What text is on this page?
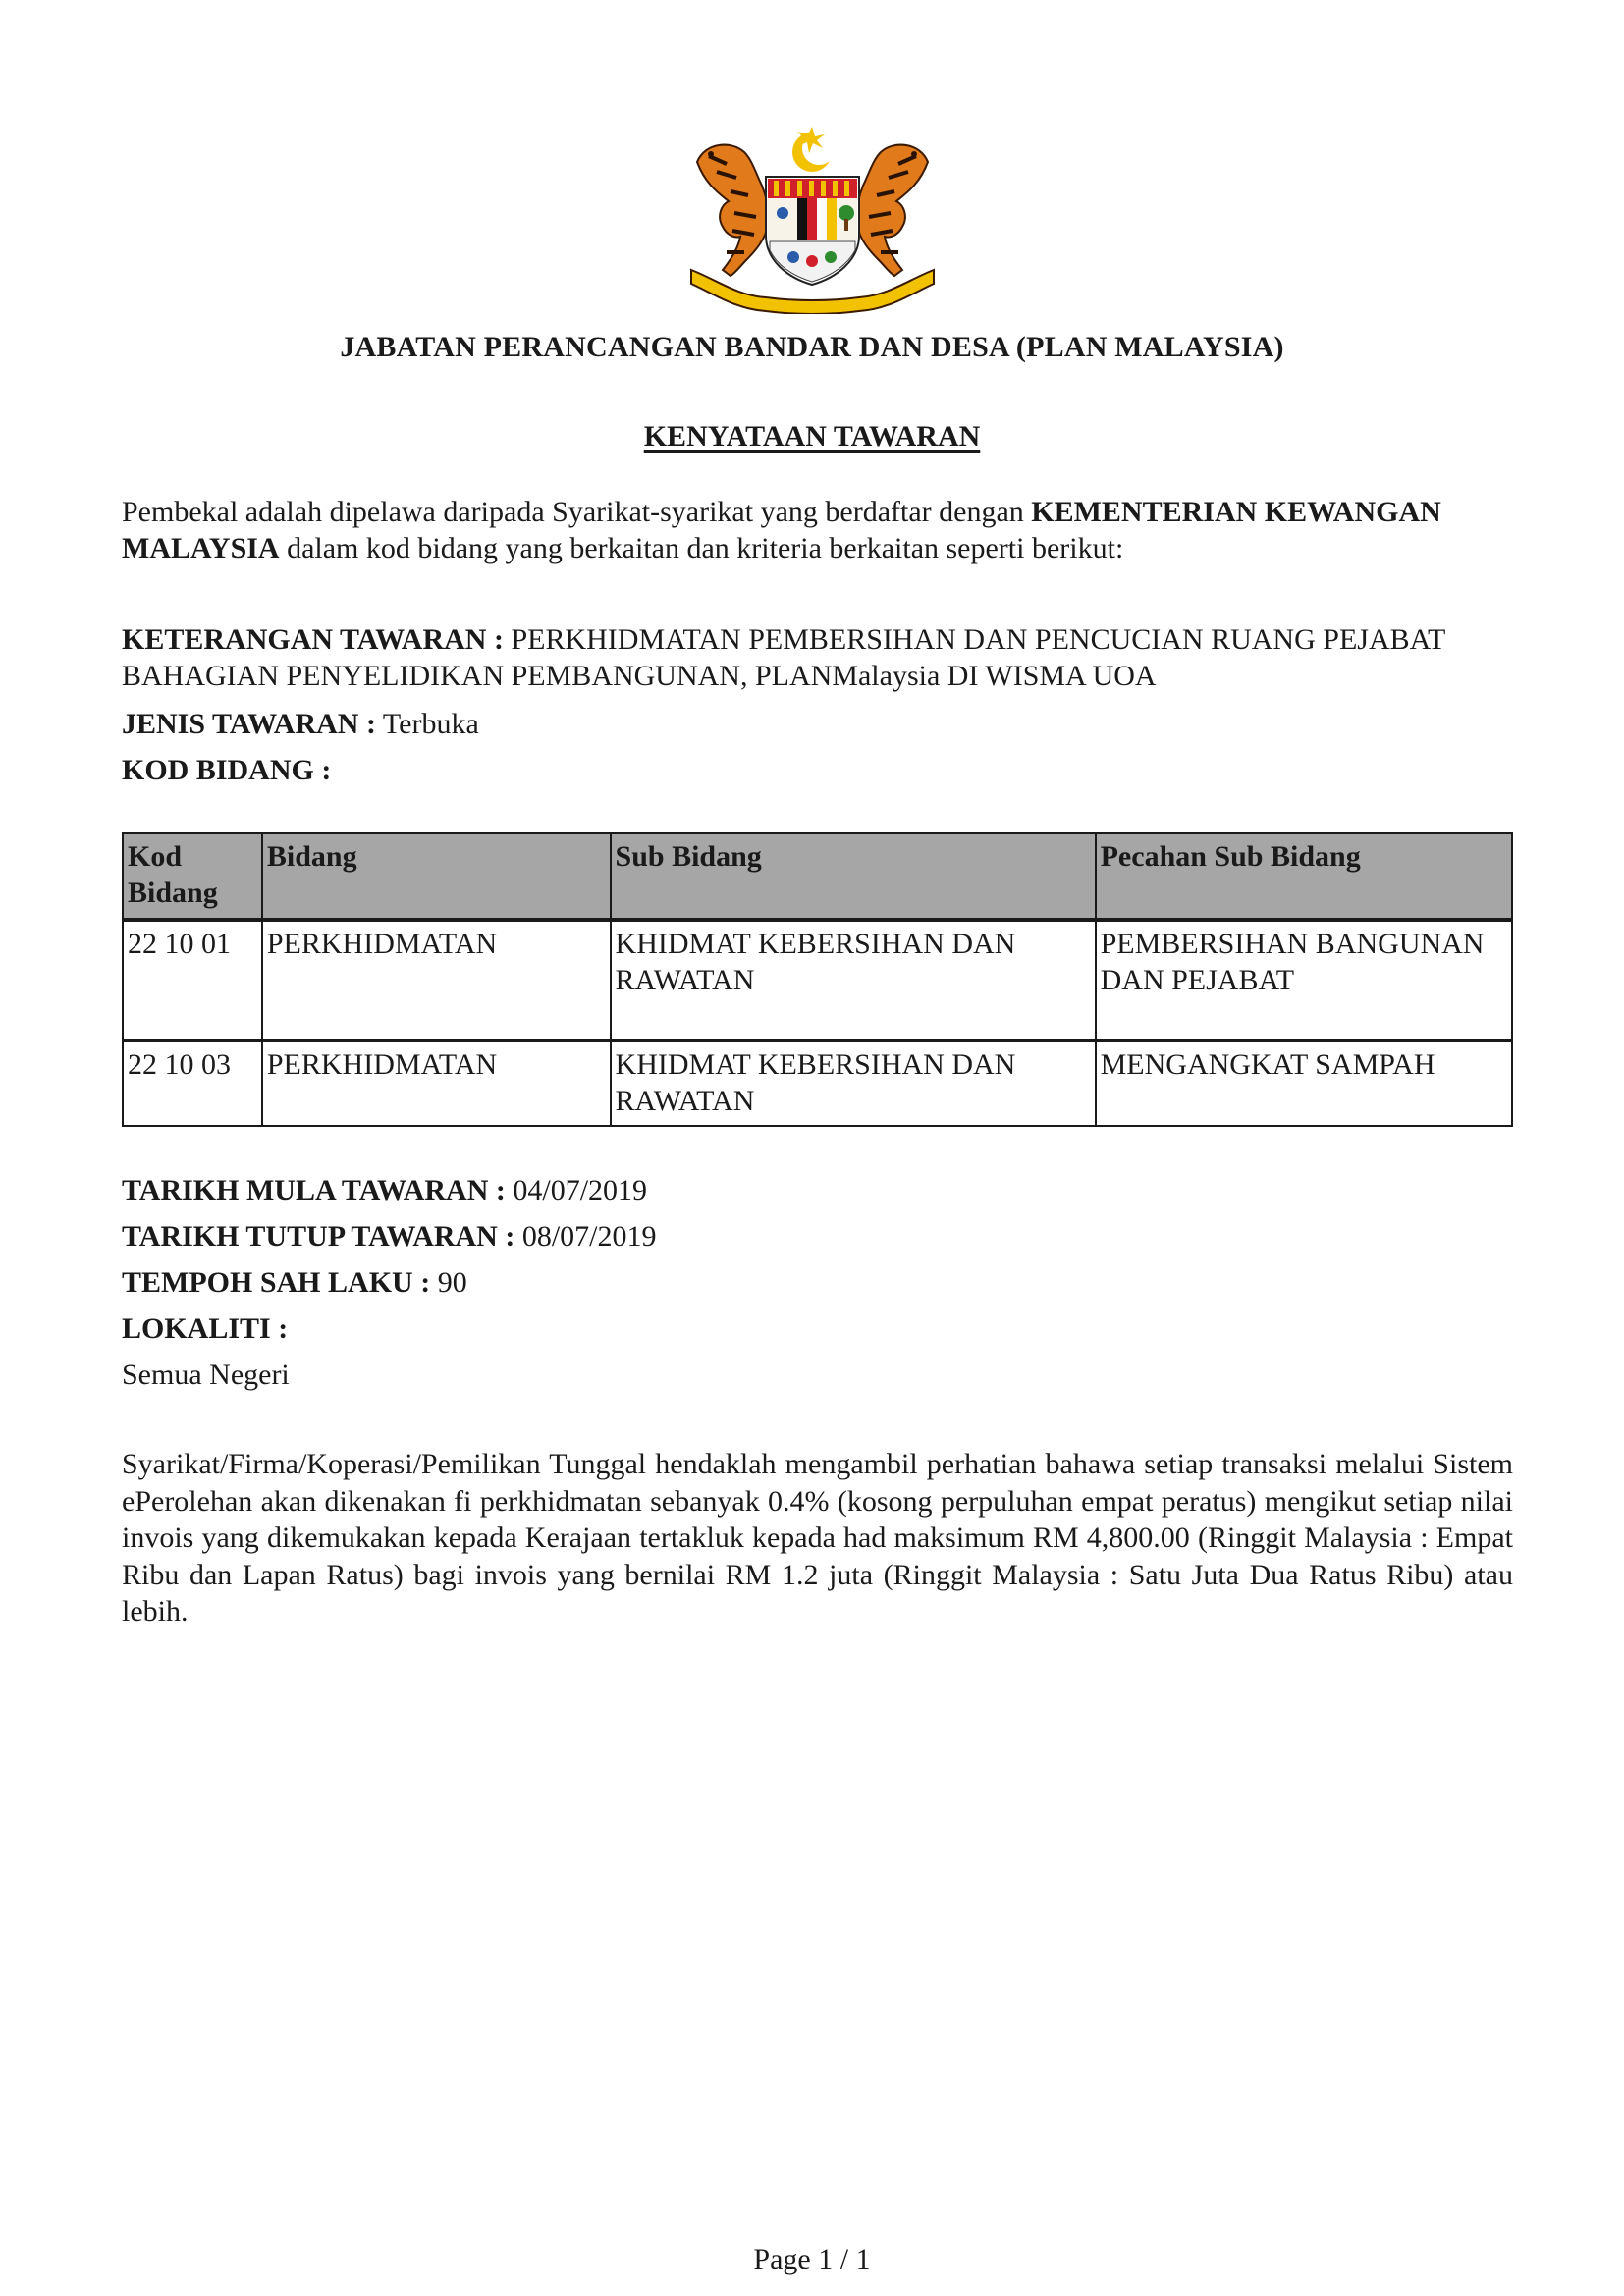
JABATAN PERANCANGAN BANDAR DAN DESA (PLAN MALAYSIA)
KENYATAAN TAWARAN
Pembekal adalah dipelawa daripada Syarikat-syarikat yang berdaftar dengan KEMENTERIAN KEWANGAN MALAYSIA dalam kod bidang yang berkaitan dan kriteria berkaitan seperti berikut:
KETERANGAN TAWARAN : PERKHIDMATAN PEMBERSIHAN DAN PENCUCIAN RUANG PEJABAT BAHAGIAN PENYELIDIKAN PEMBANGUNAN, PLANMalaysia DI WISMA UOA
JENIS TAWARAN : Terbuka
KOD BIDANG :
Kod Bidang	Bidang	Sub Bidang	Pecahan Sub Bidang
22 10 01	PERKHIDMATAN	KHIDMAT KEBERSIHAN DAN RAWATAN	PEMBERSIHAN BANGUNAN DAN PEJABAT
22 10 03	PERKHIDMATAN	KHIDMAT KEBERSIHAN DAN RAWATAN	MENGANGKAT SAMPAH
TARIKH MULA TAWARAN : 04/07/2019
TARIKH TUTUP TAWARAN : 08/07/2019
TEMPOH SAH LAKU : 90
LOKALITI :
Semua Negeri
Syarikat/Firma/Koperasi/Pemilikan Tunggal hendaklah mengambil perhatian bahawa setiap transaksi melalui Sistem ePerolehan akan dikenakan fi perkhidmatan sebanyak 0.4% (kosong perpuluhan empat peratus) mengikut setiap nilai invois yang dikemukakan kepada Kerajaan tertakluk kepada had maksimum RM 4,800.00 (Ringgit Malaysia : Empat Ribu dan Lapan Ratus) bagi invois yang bernilai RM 1.2 juta (Ringgit Malaysia : Satu Juta Dua Ratus Ribu) atau lebih.
Page 1 / 1
